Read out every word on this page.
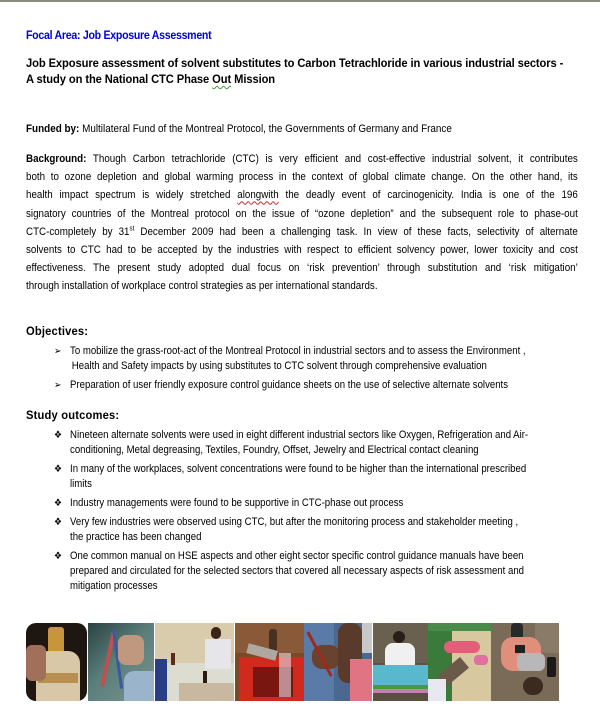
Focal Area: Job Exposure Assessment
Job Exposure assessment of solvent substitutes to Carbon Tetrachloride in various industrial sectors -
A study on the National CTC Phase Out Mission
Funded by: Multilateral Fund of the Montreal Protocol, the Governments of Germany and France
Background: Though Carbon tetrachloride (CTC) is very efficient and cost-effective industrial solvent, it contributes
both to ozone depletion and global warming process in the context of global climate change. On the other hand, its
health impact spectrum is widely stretched alongwith the deadly event of carcinogenicity. India is one of the 196
signatory countries of the Montreal protocol on the issue of “ozone depletion” and the subsequent role to phase-out
CTC-completely by 31st December 2009 had been a challenging task. In view of these facts, selectivity of alternate
solvents to CTC had to be accepted by the industries with respect to efficient solvency power, lower toxicity and cost
effectiveness. The present study adopted dual focus on ‘risk prevention’ through substitution and ‘risk mitigation’
through installation of workplace control strategies as per international standards.
Objectives:
➢ To mobilize the grass-root-act of the Montreal Protocol in industrial sectors and to assess the Environment ,
Health and Safety impacts by using substitutes to CTC solvent through comprehensive evaluation
➢ Preparation of user friendly exposure control guidance sheets on the use of selective alternate solvents
Study outcomes:
❖ Nineteen alternate solvents were used in eight different industrial sectors like Oxygen, Refrigeration and Air-
conditioning, Metal degreasing, Textiles, Foundry, Offset, Jewelry and Electrical contact cleaning
❖ In many of the workplaces, solvent concentrations were found to be higher than the international prescribed
limits
❖ Industry managements were found to be supportive in CTC-phase out process
❖ Very few industries were observed using CTC, but after the monitoring process and stakeholder meeting ,
the practice has been changed
❖ One common manual on HSE aspects and other eight sector specific control guidance manuals have been
prepared and circulated for the selected sectors that covered all necessary aspects of risk assessment and
mitigation processes
